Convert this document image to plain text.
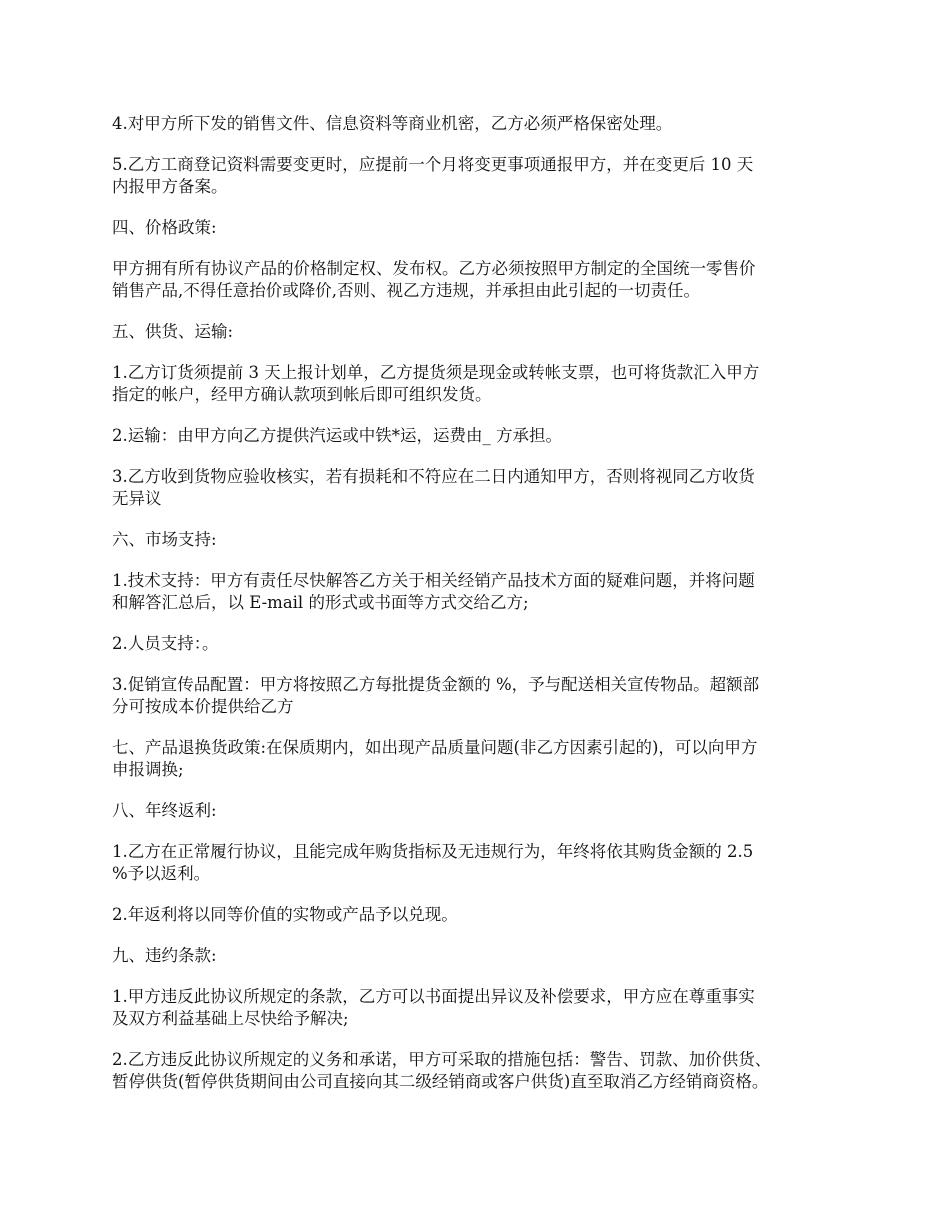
4.对甲方所下发的销售文件、信息资料等商业机密，乙方必须严格保密处理。

5.乙方工商登记资料需要变更时，应提前一个月将变更事项通报甲方，并在变更后 10 天
内报甲方备案。

四、价格政策:

甲方拥有所有协议产品的价格制定权、发布权。乙方必须按照甲方制定的全国统一零售价
销售产品,不得任意抬价或降价,否则、视乙方违规，并承担由此引起的一切责任。

五、供货、运输:

1.乙方订货须提前 3 天上报计划单，乙方提货须是现金或转帐支票，也可将货款汇入甲方
指定的帐户，经甲方确认款项到帐后即可组织发货。

2.运输：由甲方向乙方提供汽运或中铁*运，运费由_ 方承担。

3.乙方收到货物应验收核实，若有损耗和不符应在二日内通知甲方，否则将视同乙方收货
无异议

六、市场支持:

1.技术支持：甲方有责任尽快解答乙方关于相关经销产品技术方面的疑难问题，并将问题
和解答汇总后，以 E-mail 的形式或书面等方式交给乙方;

2.人员支持：。

3.促销宣传品配置：甲方将按照乙方每批提货金额的 %，予与配送相关宣传物品。超额部
分可按成本价提供给乙方

七、产品退换货政策:在保质期内，如出现产品质量问题(非乙方因素引起的)，可以向甲方
申报调换;

八、年终返利:

1.乙方在正常履行协议，且能完成年购货指标及无违规行为，年终将依其购货金额的 2.5
%予以返利。

2.年返利将以同等价值的实物或产品予以兑现。

九、违约条款:

1.甲方违反此协议所规定的条款，乙方可以书面提出异议及补偿要求，甲方应在尊重事实
及双方利益基础上尽快给予解决;

2.乙方违反此协议所规定的义务和承诺，甲方可采取的措施包括：警告、罚款、加价供货、
暂停供货(暂停供货期间由公司直接向其二级经销商或客户供货)直至取消乙方经销商资格。
